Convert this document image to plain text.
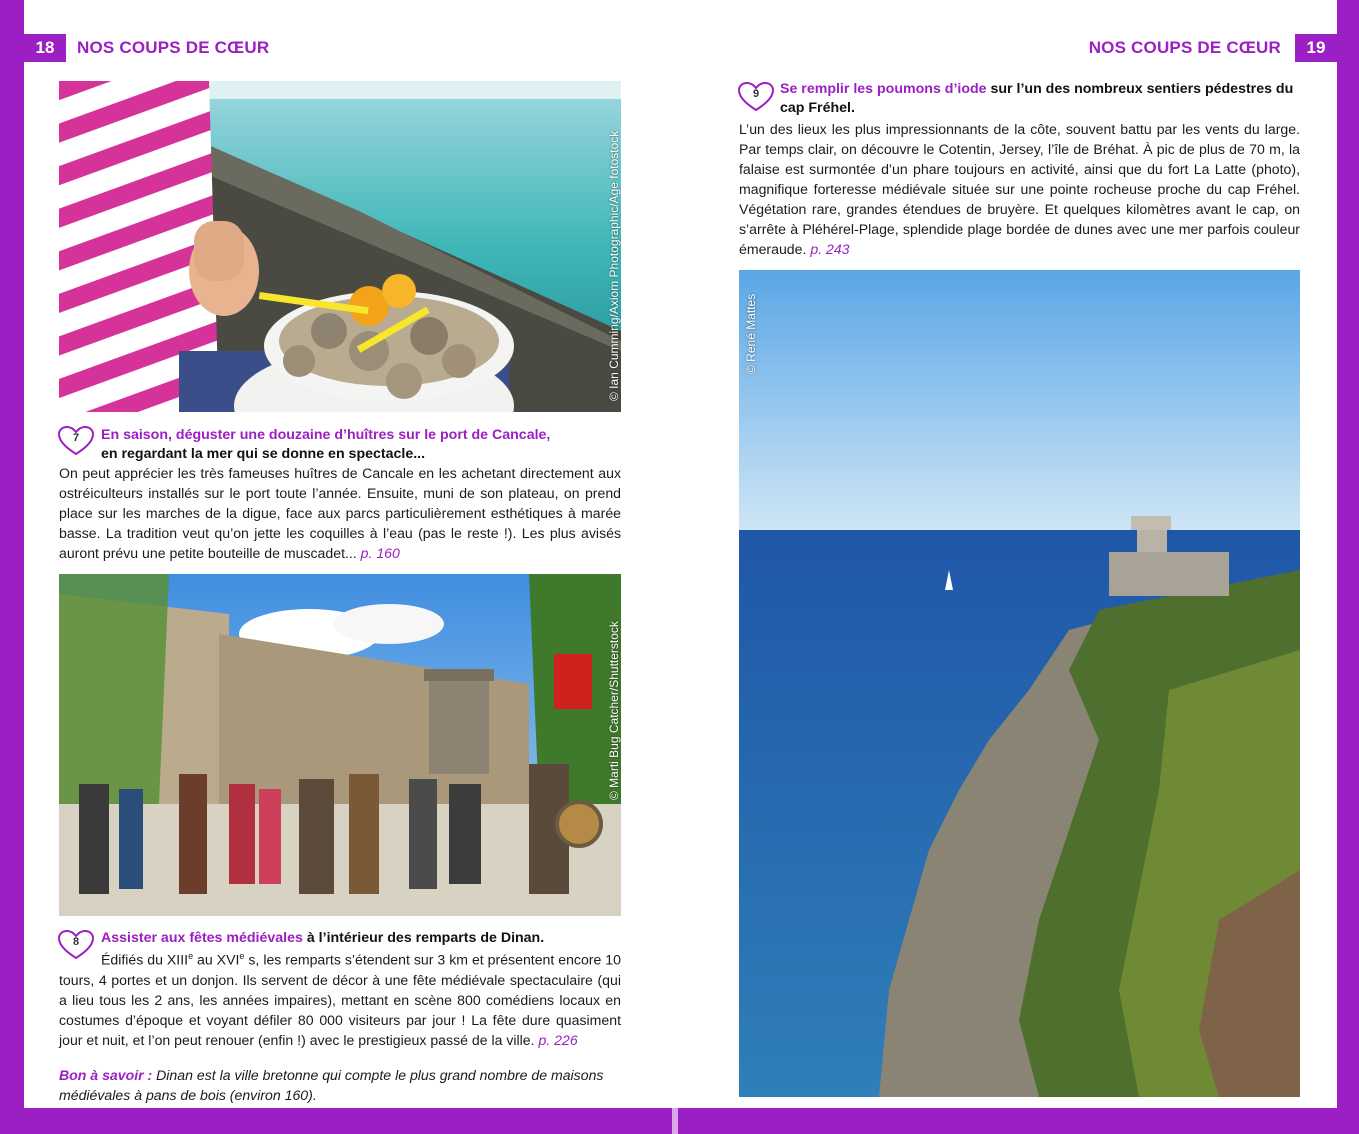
18	NOS COUPS DE CŒUR
© Ian Cumming/Axiom Photographic/Age fotostock
7	En saison, déguster une douzaine d’huîtres sur le port de Cancale,
en regardant la mer qui se donne en spectacle...
On peut apprécier les très fameuses huîtres de Cancale en les achetant directement aux ostréiculteurs installés sur le port toute l’année. Ensuite, muni de son plateau, on prend place sur les marches de la digue, face aux parcs particulièrement esthétiques à marée basse. La tradition veut qu’on jette les coquilles à l’eau (pas le reste !). Les plus avisés auront prévu une petite bouteille de muscadet... p. 160
© Marti Bug Catcher/Shutterstock
8	Assister aux fêtes médiévales à l’intérieur des remparts de Dinan.
Édifiés du XIIIe au XVIe s, les remparts s’étendent sur 3 km et présentent encore 10 tours, 4 portes et un donjon. Ils servent de décor à une fête médiévale spectaculaire (qui a lieu tous les 2 ans, les années impaires), mettant en scène 800 comédiens locaux en costumes d’époque et voyant défiler 80 000 visiteurs par jour ! La fête dure quasiment jour et nuit, et l’on peut renouer (enfin !) avec le prestigieux passé de la ville. p. 226
Bon à savoir : Dinan est la ville bretonne qui compte le plus grand nombre de maisons médiévales à pans de bois (environ 160).
19
NOS COUPS DE CŒUR
9	Se remplir les poumons d’iode sur l’un des nombreux sentiers pédestres du cap Fréhel.
L’un des lieux les plus impressionnants de la côte, souvent battu par les vents du large. Par temps clair, on découvre le Cotentin, Jersey, l’île de Bréhat. À pic de plus de 70 m, la falaise est surmontée d’un phare toujours en activité, ainsi que du fort La Latte (photo), magnifique forteresse médiévale située sur une pointe rocheuse proche du cap Fréhel. Végétation rare, grandes étendues de bruyère. Et quelques kilomètres avant le cap, on s’arrête à Pléhérel-Plage, splendide plage bordée de dunes avec une mer parfois couleur émeraude. p. 243
© René Mattes
